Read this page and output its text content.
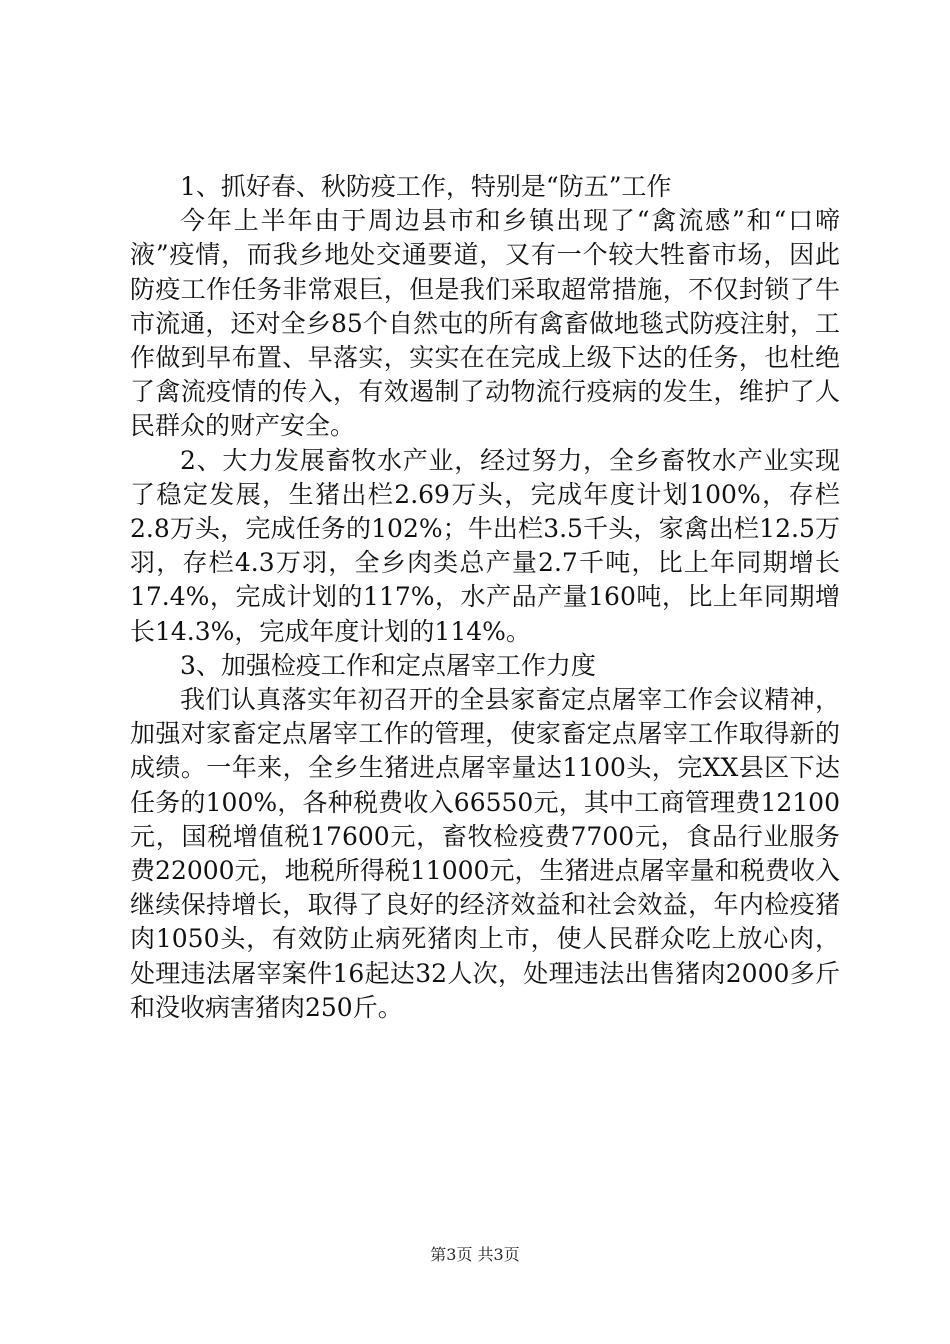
1、抓好春、秋防疫工作，特别是“防五”工作

今年上半年由于周边县市和乡镇出现了“禽流感”和“口啼液”疫情，而我乡地处交通要道，又有一个较大牲畜市场，因此防疫工作任务非常艰巨，但是我们采取超常措施，不仅封锁了牛市流通，还对全乡85个自然屯的所有禽畜做地毯式防疫注射，工作做到早布置、早落实，实实在在完成上级下达的任务，也杜绝了禽流疫情的传入，有效遏制了动物流行疫病的发生，维护了人民群众的财产安全。

2、大力发展畜牧水产业，经过努力，全乡畜牧水产业实现了稳定发展，生猪出栏2.69万头，完成年度计划100%，存栏2.8万头，完成任务的102%；牛出栏3.5千头，家禽出栏12.5万羽，存栏4.3万羽，全乡肉类总产量2.7千吨，比上年同期增长17.4%，完成计划的117%，水产品产量160吨，比上年同期增长14.3%，完成年度计划的114%。

3、加强检疫工作和定点屠宰工作力度

我们认真落实年初召开的全县家畜定点屠宰工作会议精神，加强对家畜定点屠宰工作的管理，使家畜定点屠宰工作取得新的成绩。一年来，全乡生猪进点屠宰量达1100头，完XX县区下达任务的100%，各种税费收入66550元，其中工商管理费12100元，国税增值税17600元，畜牧检疫费7700元，食品行业服务费22000元，地税所得税11000元，生猪进点屠宰量和税费收入继续保持增长，取得了良好的经济效益和社会效益，年内检疫猪肉1050头，有效防止病死猪肉上市，使人民群众吃上放心肉，处理违法屠宰案件16起达32人次，处理违法出售猪肉2000多斤和没收病害猪肉250斤。

第3页 共3页
